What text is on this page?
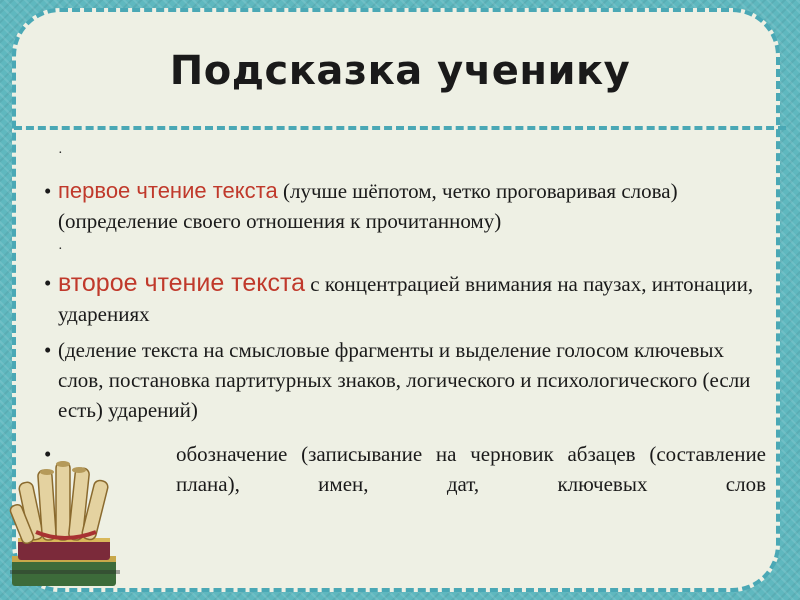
Подсказка ученику
·
• первое чтение текста (лучше шёпотом, четко проговаривая слова) (определение своего отношения к прочитанному)
·
• второе чтение текста с концентрацией внимания на паузах, интонации, ударениях
• (деление текста на смысловые фрагменты и выделение голосом ключевых слов, постановка партитурных знаков, логического и психологического (если есть) ударений)
•	обозначение (записывание на черновик абзацев (составление плана), имен, дат, ключевых слов
